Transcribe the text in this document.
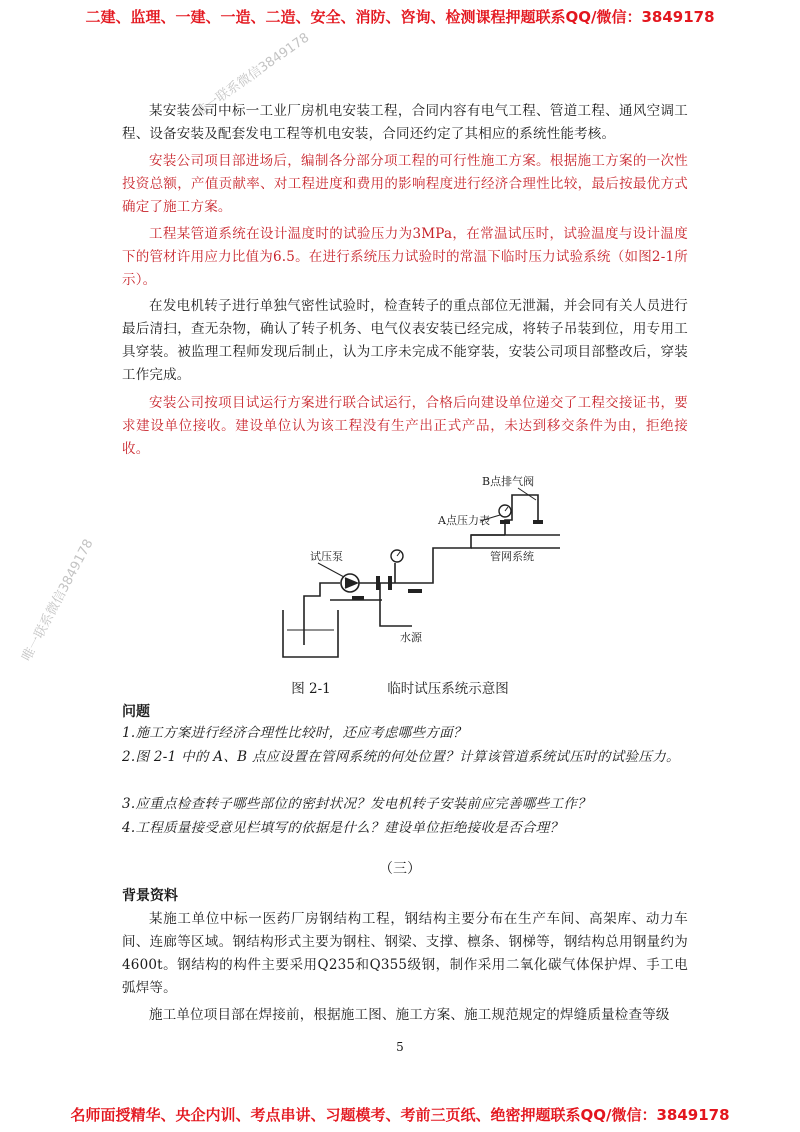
二建、监理、一建、一造、二造、安全、消防、咨询、检测课程押题联系QQ/微信：3849178
唯一联系微信3849178
唯一联系微信3849178

某安装公司中标一工业厂房机电安装工程，合同内容有电气工程、管道工程、通风空调工程、设备安装及配套发电工程等机电安装，合同还约定了其相应的系统性能考核。

安装公司项目部进场后，编制各分部分项工程的可行性施工方案。根据施工方案的一次性投资总额，产值贡献率、对工程进度和费用的影响程度进行经济合理性比较，最后按最优方式确定了施工方案。

工程某管道系统在设计温度时的试验压力为3MPa，在常温试压时，试验温度与设计温度下的管材许用应力比值为6.5。在进行系统压力试验时的常温下临时压力试验系统（如图2-1所示）。

在发电机转子进行单独气密性试验时，检查转子的重点部位无泄漏，并会同有关人员进行最后清扫，查无杂物，确认了转子机务、电气仪表安装已经完成，将转子吊装到位，用专用工具穿装。被监理工程师发现后制止，认为工序未完成不能穿装，安装公司项目部整改后，穿装工作完成。

安装公司按项目试运行方案进行联合试运行，合格后向建设单位递交了工程交接证书，要求建设单位接收。建设单位认为该工程没有生产出正式产品，未达到移交条件为由，拒绝接收。

试压泵
A点压力表
B点排气阀
管网系统
水源
图 2-1	临时试压系统示意图
问题

1.施工方案进行经济合理性比较时，还应考虑哪些方面？

2.图 2-1 中的 A、B 点应设置在管网系统的何处位置？计算该管道系统试压时的试验压力。

3.应重点检查转子哪些部位的密封状况？发电机转子安装前应完善哪些工作？

4.工程质量接受意见栏填写的依据是什么？建设单位拒绝接收是否合理？

（三）
背景资料

某施工单位中标一医药厂房钢结构工程，钢结构主要分布在生产车间、高架库、动力车间、连廊等区域。钢结构形式主要为钢柱、钢梁、支撑、檩条、钢梯等，钢结构总用钢量约为4600t。钢结构的构件主要采用Q235和Q355级钢，制作采用二氧化碳气体保护焊、手工电弧焊等。

施工单位项目部在焊接前，根据施工图、施工方案、施工规范规定的焊缝质量检查等级

5
名师面授精华、央企内训、考点串讲、习题模考、考前三页纸、绝密押题联系QQ/微信：3849178
